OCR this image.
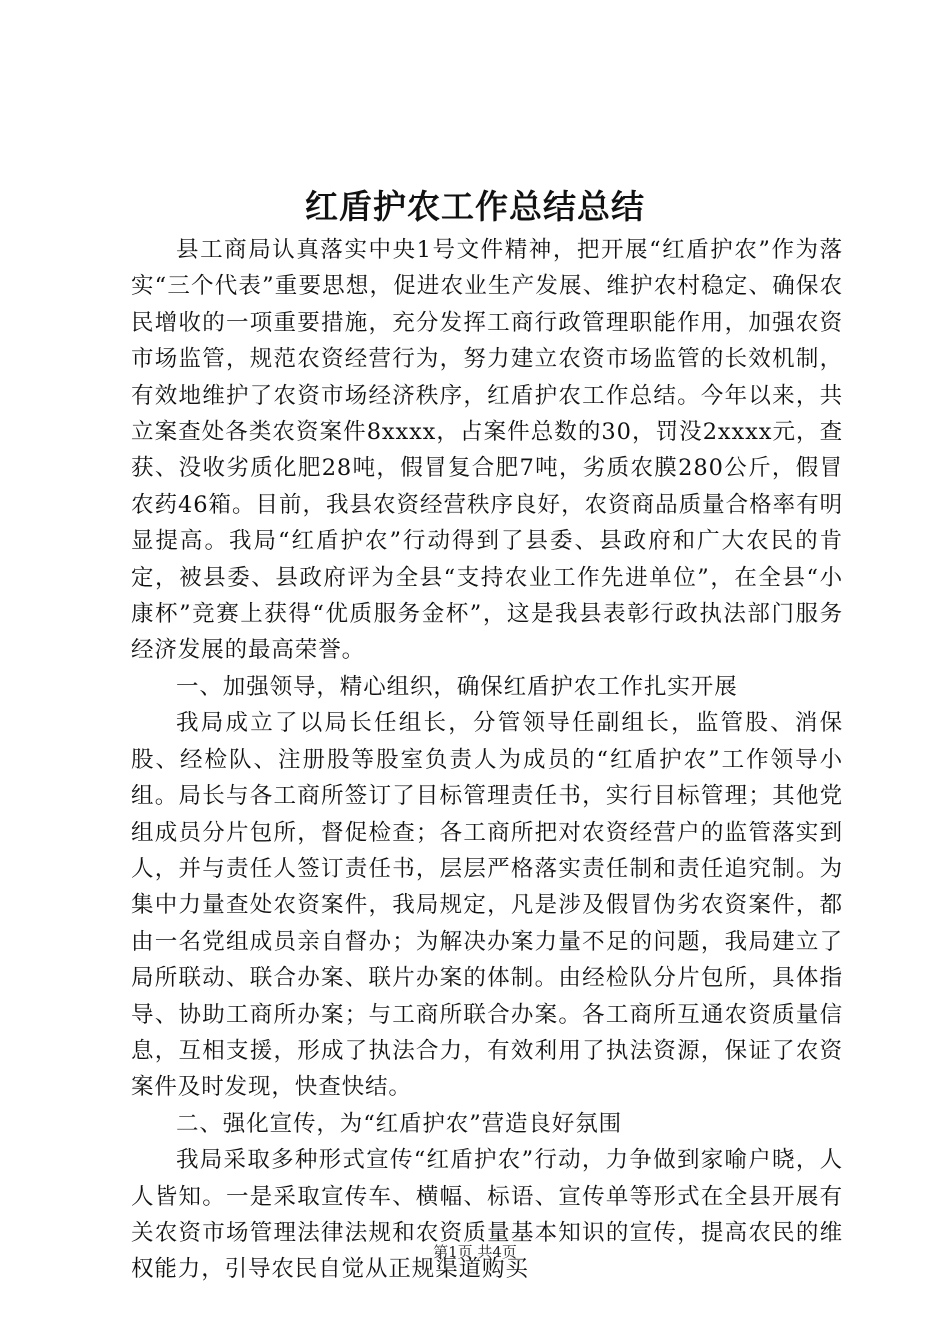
红盾护农工作总结总结

县工商局认真落实中央1号文件精神，把开展“红盾护农”作为落实“三个代表”重要思想，促进农业生产发展、维护农村稳定、确保农民增收的一项重要措施，充分发挥工商行政管理职能作用，加强农资市场监管，规范农资经营行为，努力建立农资市场监管的长效机制，有效地维护了农资市场经济秩序，红盾护农工作总结。今年以来，共立案查处各类农资案件8xxxx，占案件总数的30，罚没2xxxx元，查获、没收劣质化肥28吨，假冒复合肥7吨，劣质农膜280公斤，假冒农药46箱。目前，我县农资经营秩序良好，农资商品质量合格率有明显提高。我局“红盾护农”行动得到了县委、县政府和广大农民的肯定，被县委、县政府评为全县“支持农业工作先进单位”，在全县“小康杯”竞赛上获得“优质服务金杯”，这是我县表彰行政执法部门服务经济发展的最高荣誉。

一、加强领导，精心组织，确保红盾护农工作扎实开展

我局成立了以局长任组长，分管领导任副组长，监管股、消保股、经检队、注册股等股室负责人为成员的“红盾护农”工作领导小组。局长与各工商所签订了目标管理责任书，实行目标管理；其他党组成员分片包所，督促检查；各工商所把对农资经营户的监管落实到人，并与责任人签订责任书，层层严格落实责任制和责任追究制。为集中力量查处农资案件，我局规定，凡是涉及假冒伪劣农资案件，都由一名党组成员亲自督办；为解决办案力量不足的问题，我局建立了局所联动、联合办案、联片办案的体制。由经检队分片包所，具体指导、协助工商所办案；与工商所联合办案。各工商所互通农资质量信息，互相支援，形成了执法合力，有效利用了执法资源，保证了农资案件及时发现，快查快结。

二、强化宣传，为“红盾护农”营造良好氛围

我局采取多种形式宣传“红盾护农”行动，力争做到家喻户晓，人人皆知。一是采取宣传车、横幅、标语、宣传单等形式在全县开展有关农资市场管理法律法规和农资质量基本知识的宣传，提高农民的维权能力，引导农民自觉从正规渠道购买

第1页 共4页
